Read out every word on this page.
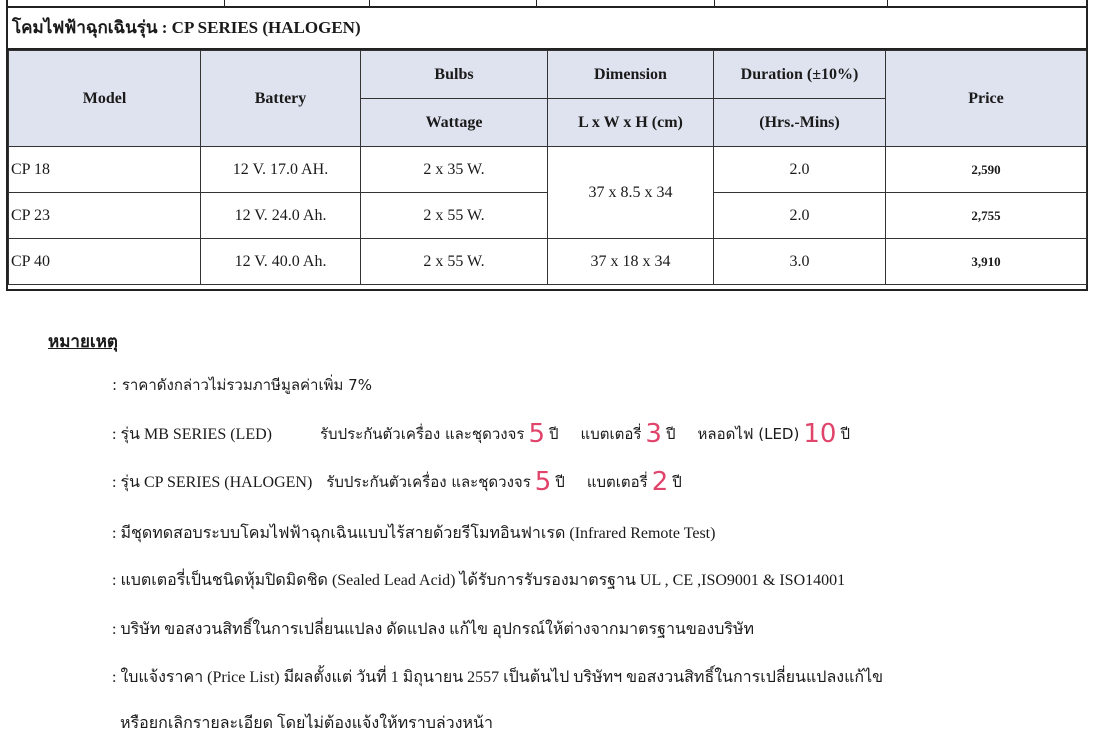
โคมไฟฟ้าฉุกเฉินรุ่น : CP SERIES (HALOGEN)
Model	Battery	Bulbs	Dimension	Duration (±10%)	Price
		Wattage	L x W x H (cm)	(Hrs.-Mins)	
CP 18	12 V. 17.0 AH.	2 x 35 W.	37 x 8.5 x 34	2.0	2,590
CP 23	12 V. 24.0 Ah.	2 x 55 W.		2.0	2,755
CP 40	12 V. 40.0 Ah.	2 x 55 W.	37 x 18 x 34	3.0	3,910
หมายเหตุ
: ราคาดังกล่าวไม่รวมภาษีมูลค่าเพิ่ม 7%
: รุ่น MB SERIES (LED)	รับประกันตัวเครื่อง และชุดวงจร 5 ปี แบตเตอรี่ 3 ปี หลอดไฟ (LED) 10 ปี
: รุ่น CP SERIES (HALOGEN) รับประกันตัวเครื่อง และชุดวงจร 5 ปี แบตเตอรี่ 2 ปี
: มีชุดทดสอบระบบโคมไฟฟ้าฉุกเฉินแบบไร้สายด้วยรีโมทอินฟาเรด (Infrared Remote Test)
: แบตเตอรี่เป็นชนิดหุ้มปิดมิดชิด (Sealed Lead Acid) ได้รับการรับรองมาตรฐาน UL , CE ,ISO9001 & ISO14001
: บริษัท ขอสงวนสิทธิ์ในการเปลี่ยนแปลง ดัดแปลง แก้ไข อุปกรณ์ให้ต่างจากมาตรฐานของบริษัท
: ใบแจ้งราคา (Price List) มีผลตั้งแต่ วันที่ 1 มิถุนายน 2557 เป็นต้นไป บริษัทฯ ขอสงวนสิทธิ์ในการเปลี่ยนแปลงแก้ไข
หรือยกเลิกรายละเอียด โดยไม่ต้องแจ้งให้ทราบล่วงหน้า
